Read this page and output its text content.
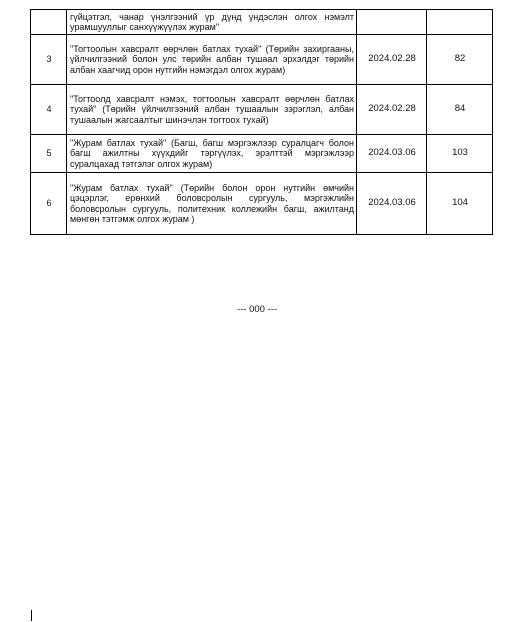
	гүйцэтгэл, чанар үнэлгээний үр дүнд үндэслэн олгох нэмэлт урамшууллыг санхүүжүүлэх журам"		
3	"Тогтоолын хавсралт өөрчлөн батлах тухай" (Төрийн захиргааны, үйлчилгээний болон улс төрийн албан тушаал эрхэлдэг төрийн албан хаагчид орон нутгийн нэмэгдэл олгох журам)	2024.02.28	82
4	"Тогтоолд хавсралт нэмэх, тогтоолын хавсралт өөрчлөн батлах тухай" (Төрийн үйлчилгээний албан тушаалын зэрэглэл, албан тушаалын жагсаалтыг шинэчлэн тогтоох тухай)	2024.02.28	84
5	"Журам батлах тухай" (Багш, багш мэргэжлээр суралцагч болон багш ажилтны хүүхдийг тэргүүлэх, эрэлттэй мэргэжлээр суралцахад тэтгэлэг олгох журам)	2024.03.06	103
6	"Журам батлах тухай" (Төрийн болон орон нутгийн өмчийн цэцэрлэг, ерөнхий боловсролын сургууль, мэргэжлийн боловсролын сургууль, политехник коллежийн багш, ажилтанд мөнгөн тэтгэмж олгох журам )	2024.03.06	104
--- 000 ---
